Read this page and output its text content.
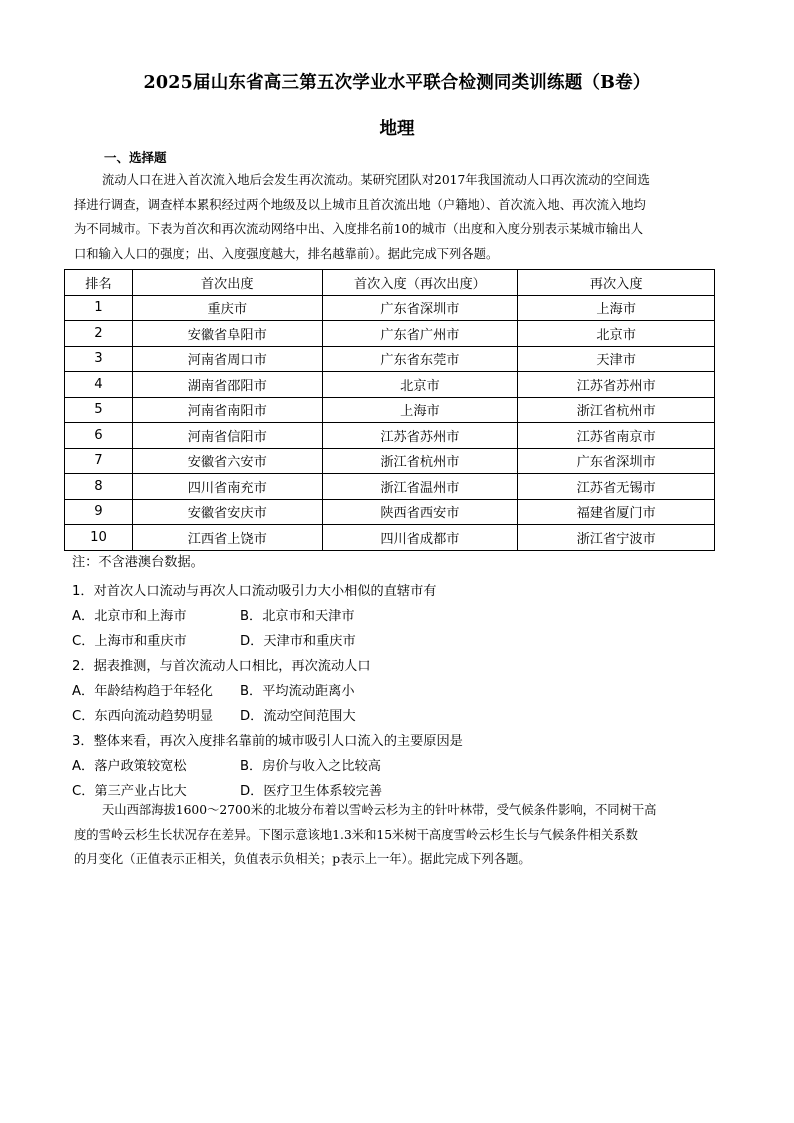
2025届山东省高三第五次学业水平联合检测同类训练题（B卷）
地理
一、选择题
流动人口在进入首次流入地后会发生再次流动。某研究团队对2017年我国流动人口再次流动的空间选
择进行调查，调查样本累积经过两个地级及以上城市且首次流出地（户籍地）、首次流入地、再次流入地均
为不同城市。下表为首次和再次流动网络中出、入度排名前10的城市（出度和入度分别表示某城市输出人
口和输入人口的强度；出、入度强度越大，排名越靠前）。据此完成下列各题。
排名	首次出度	首次入度（再次出度）	再次入度
1	重庆市	广东省深圳市	上海市
2	安徽省阜阳市	广东省广州市	北京市
3	河南省周口市	广东省东莞市	天津市
4	湖南省邵阳市	北京市	江苏省苏州市
5	河南省南阳市	上海市	浙江省杭州市
6	河南省信阳市	江苏省苏州市	江苏省南京市
7	安徽省六安市	浙江省杭州市	广东省深圳市
8	四川省南充市	浙江省温州市	江苏省无锡市
9	安徽省安庆市	陕西省西安市	福建省厦门市
10	江西省上饶市	四川省成都市	浙江省宁波市
注：不含港澳台数据。
1．对首次人口流动与再次人口流动吸引力大小相似的直辖市有
A．北京市和上海市	B．北京市和天津市
C．上海市和重庆市	D．天津市和重庆市
2．据表推测，与首次流动人口相比，再次流动人口
A．年龄结构趋于年轻化 B．平均流动距离小
C．东西向流动趋势明显 D．流动空间范围大
3．整体来看，再次入度排名靠前的城市吸引人口流入的主要原因是
A．落户政策较宽松	B．房价与收入之比较高
C．第三产业占比大	D．医疗卫生体系较完善
天山西部海拔1600～2700米的北坡分布着以雪岭云杉为主的针叶林带，受气候条件影响，不同树干高
度的雪岭云杉生长状况存在差异。下图示意该地1.3米和15米树干高度雪岭云杉生长与气候条件相关系数
的月变化（正值表示正相关，负值表示负相关；p表示上一年）。据此完成下列各题。
